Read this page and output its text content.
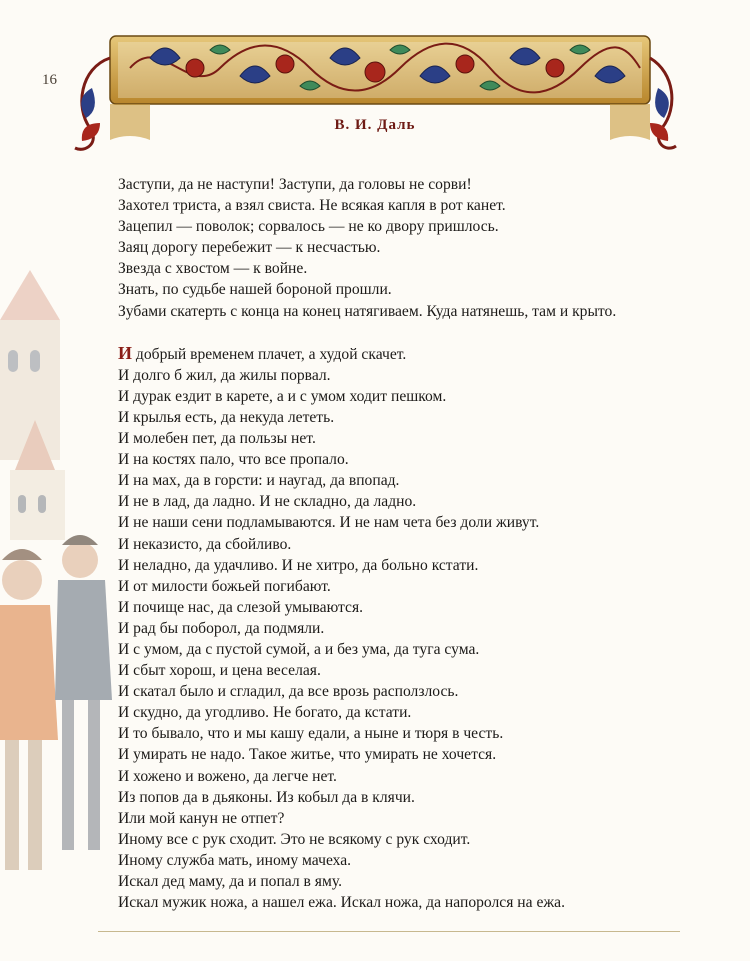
16
В. И. Даль
Заступи, да не наступи! Заступи, да головы не сорви!
Захотел триста, а взял свиста. Не всякая капля в рот канет.
Зацепил — поволок; сорвалось — не ко двору пришлось.
Заяц дорогу перебежит — к несчастью.
Звезда с хвостом — к войне.
Знать, по судьбе нашей бороной прошли.
Зубами скатерть с конца на конец натягиваем. Куда натянешь, там и крыто.
И добрый временем плачет, а худой скачет.
И долго б жил, да жилы порвал.
И дурак ездит в карете, а и с умом ходит пешком.
И крылья есть, да некуда лететь.
И молебен пет, да пользы нет.
И на костях пало, что все пропало.
И на мах, да в горсти: и наугад, да впопад.
И не в лад, да ладно. И не складно, да ладно.
И не наши сени подламываются. И не нам чета без доли живут.
И неказисто, да сбойливо.
И неладно, да удачливо. И не хитро, да больно кстати.
И от милости божьей погибают.
И почище нас, да слезой умываются.
И рад бы поборол, да подмяли.
И с умом, да с пустой сумой, а и без ума, да туга сума.
И сбыт хорош, и цена веселая.
И скатал было и сгладил, да все врозь расползлось.
И скудно, да угодливо. Не богато, да кстати.
И то бывало, что и мы кашу едали, а ныне и тюря в честь.
И умирать не надо. Такое житье, что умирать не хочется.
И хожено и вожено, да легче нет.
Из попов да в дьяконы. Из кобыл да в клячи.
Или мой канун не отпет?
Иному все с рук сходит. Это не всякому с рук сходит.
Иному служба мать, иному мачеха.
Искал дед маму, да и попал в яму.
Искал мужик ножа, а нашел ежа. Искал ножа, да напоролся на ежа.
